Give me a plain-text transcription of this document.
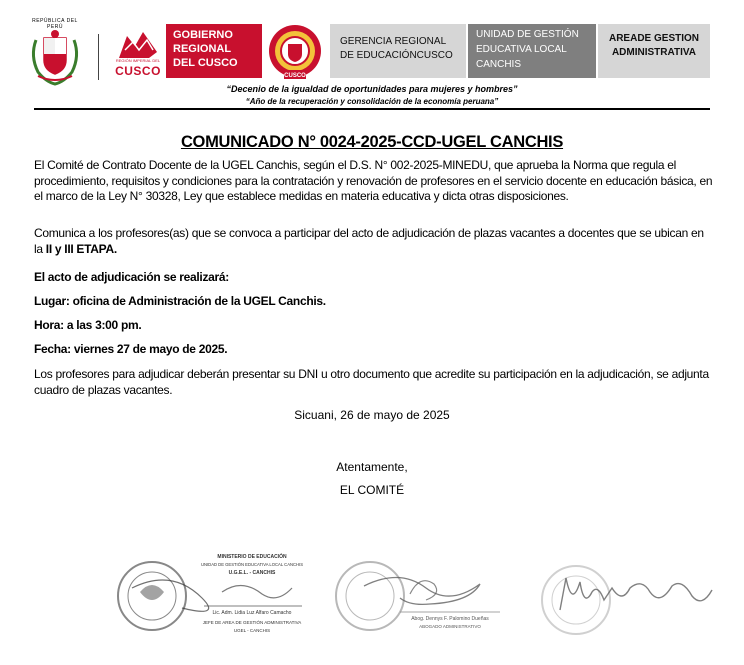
REPÚBLICA DEL PERÚ
REGIÓN IMPERIAL DEL
CUSCO
GOBIERNO
REGIONAL
DEL CUSCO
CUSCO
GERENCIA REGIONAL
DE EDUCACIÓNCUSCO
UNIDAD DE GESTIÓN
EDUCATIVA LOCAL
CANCHIS
AREADE GESTION
ADMINISTRATIVA
“Decenio de la igualdad de oportunidades para mujeres y hombres”
“Año de la recuperación y consolidación de la economía peruana”
COMUNICADO N° 0024-2025-CCD-UGEL CANCHIS
El Comité de Contrato Docente de la UGEL Canchis, según el D.S. N° 002-2025-MINEDU, que aprueba la Norma que regula el procedimiento, requisitos y condiciones para la contratación y renovación de profesores en el servicio docente en educación básica, en el marco de la Ley N° 30328, Ley que establece medidas en materia educativa y dicta otras disposiciones.
Comunica a los profesores(as) que se convoca a participar del acto de adjudicación de plazas vacantes a docentes que se ubican en la II y III ETAPA.
El acto de adjudicación se realizará:
Lugar: oficina de Administración de la UGEL Canchis.
Hora: a las 3:00 pm.
Fecha: viernes 27 de mayo de 2025.
Los profesores para adjudicar deberán presentar su DNI u otro documento que acredite su participación en la adjudicación, se adjunta cuadro de plazas vacantes.
Sicuani, 26 de mayo de 2025
Atentamente,
EL COMITÉ
MINISTERIO DE EDUCACIÓN
UNIDAD DE GESTIÓN EDUCATIVA LOCAL CANCHIS
U.G.E.L. - CANCHIS
Lic. Adm. Lidia Luz Alfaro Camacho
JEFE DE AREA DE GESTIÓN ADMINISTRATIVA
UGEL - CANCHIS
Abog. Dennys F. Palomino Dueñas
ABOGADO ADMINISTRATIVO
